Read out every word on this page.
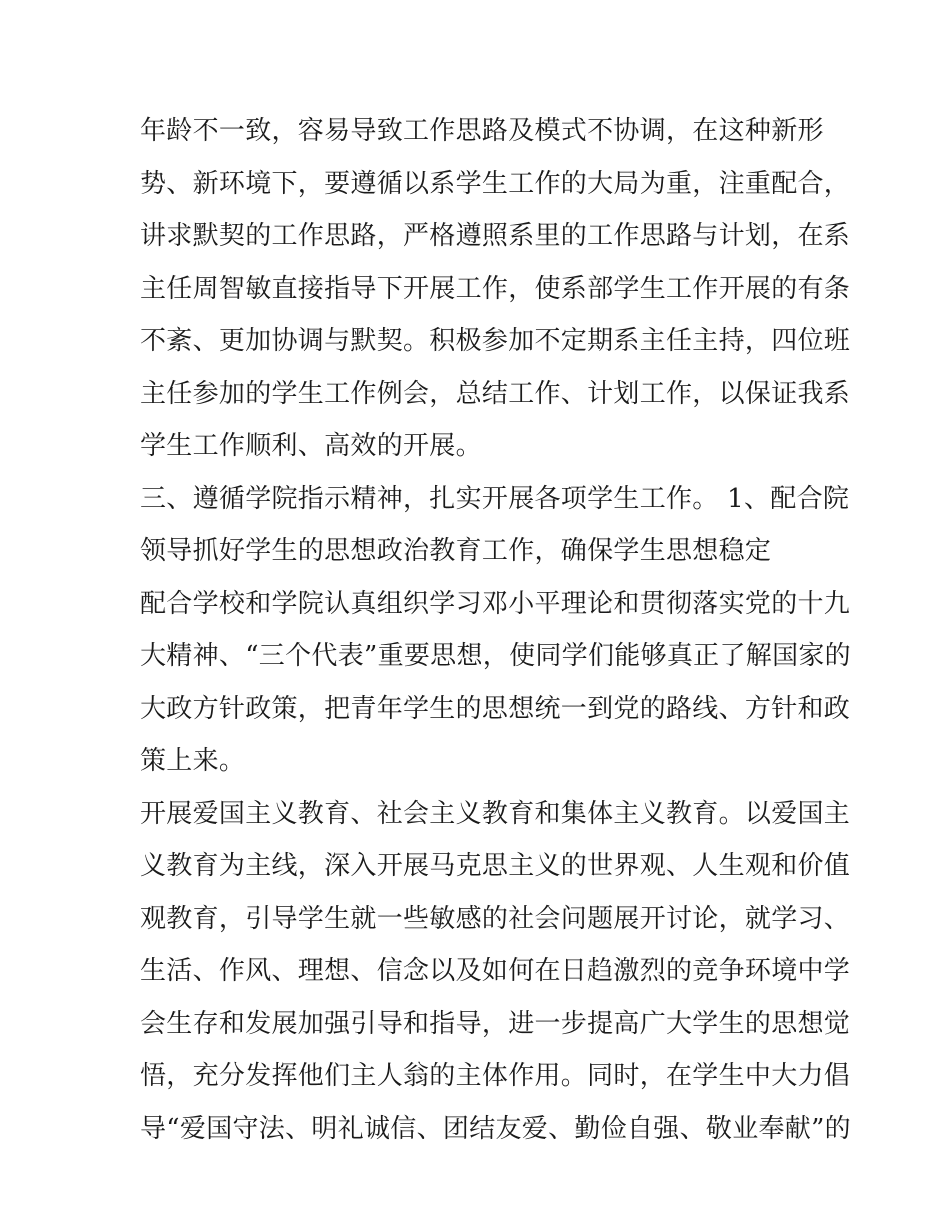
年龄不一致，容易导致工作思路及模式不协调，在这种新形
势、新环境下，要遵循以系学生工作的大局为重，注重配合，
讲求默契的工作思路，严格遵照系里的工作思路与计划，在系
主任周智敏直接指导下开展工作，使系部学生工作开展的有条
不紊、更加协调与默契。积极参加不定期系主任主持，四位班
主任参加的学生工作例会，总结工作、计划工作，以保证我系
学生工作顺利、高效的开展。
三、遵循学院指示精神，扎实开展各项学生工作。 1、配合院
领导抓好学生的思想政治教育工作，确保学生思想稳定
配合学校和学院认真组织学习邓小平理论和贯彻落实党的十九
大精神、“三个代表”重要思想，使同学们能够真正了解国家的
大政方针政策，把青年学生的思想统一到党的路线、方针和政
策上来。
开展爱国主义教育、社会主义教育和集体主义教育。以爱国主
义教育为主线，深入开展马克思主义的世界观、人生观和价值
观教育，引导学生就一些敏感的社会问题展开讨论，就学习、
生活、作风、理想、信念以及如何在日趋激烈的竞争环境中学
会生存和发展加强引导和指导，进一步提高广大学生的思想觉
悟，充分发挥他们主人翁的主体作用。同时，在学生中大力倡
导“爱国守法、明礼诚信、团结友爱、勤俭自强、敬业奉献”的
